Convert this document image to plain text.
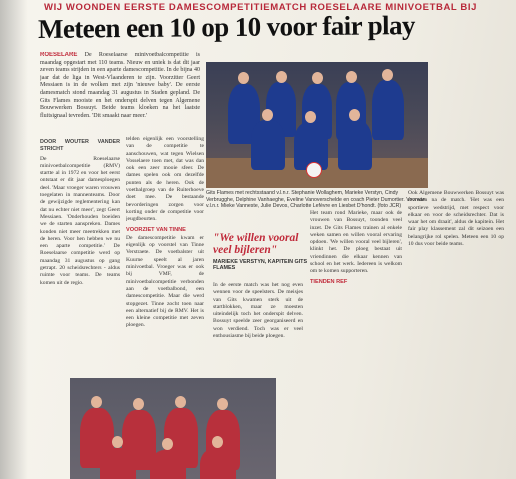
WIJ WOONDEN EERSTE DAMESCOMPETITIEMATCH ROESELAARE MINIVOETBAL BIJ
Meteen een 10 op 10 voor fair play
ROESELARE De Roeselaarse minivoetbalcompetitie is maandag opgestart met 110 teams. Nieuw en uniek is dat dit jaar zeven teams strijden in een aparte damescompetitie. In de bijna 40 jaar dat de liga in West-Vlaanderen te zijn. Voorzitter Geert Messiaen is in de wolken met zijn 'nieuwe baby'. De eerste damesmatch stond maandag 31 augustus in Staden gepland. De Gits Flames mooiste en het onderspit delven tegen Algemene Bouwwerken Bossuyt. Beide teams kloeken na het laatste fluitsignaal tevreden. 'Dit smaakt naar meer.'
DOOR WOUTER VANDER STRICHT

De Roeselaarse minivoetbalcompetitie (RMV) startte al in 1972 en voor het eerst ontstaat er dit jaar damesploegen deel. 'Maar vroeger waren vrouwen toegelaten in mannenteams. Door de gewijzigde reglementering kan dat nu echter niet meer', zegt Geert Messiaen. 'Onderhouden boeiden we de starten aanspreken. Dames konden niet meer meetrekken met de heren. Voor hen hebben we nu een aparte competitie.' De Roeselaarse competitie werd op maandag 31 augustus op gang getrapt. 20 scheidsrechters - aldus ruimte voor teams. De teams komen uit de regio.

telden eigenlijk een voorstelling van de competitie te aanschouwen, wat tegen Wielsen Vosselaere toen met, dat was dan ook een zeer mooie sfeer. De dames spelen ook om dezelfde punten als de heren. Ook de voetbalgroep van de Ruiterhoeve doet mee. De bestaande bevorderingen zorgen voor korting onder de competitie voor jeugdbeurten.

VOORZIET VAN TINNE

De damescompetitie kwam er eigenlijk op voorstel van Tinne Verstraete. De voetbalster uit Kuurne speelt al jaren minivoetbal. Vroeger was er ook bij VMF, de minivoetbalcompetitie verbonden aan de voetbalbond, een damescompetitie. Maar die werd stopgezet. Tinne zocht toen naar een alternatief bij de RMV. Het is een kleine competitie met zeven ploegen.

Gits Flames met rechtsstaand v.l.n.r. Stephanie Wollaghem, Marieke Verstyn, Cindy Verbrugghe, Delphine Vanhaeghe, Eveline Vanoverschelde en coach Pieter Dumortier. Vooraan v.l.n.r. Mieke Vanneste, Julie Devos, Charlotte Lefèvre en Liesbet D'hondt. (foto JCR)
"We willen vooral veel bijleren"
MARIEKE VERSTYN, KAPITEIN GITS FLAMES

In de eerste match was het nog even wennen voor de speelsters. De meisjes van Gits kwamen sterk uit de startblokken, maar ze moesten uiteindelijk toch het onderspit delven. Bossuyt speelde zeer georganiseerd en won verdiend. Toch was er veel enthousiasme bij beide ploegen.

Het team rond Marieke, maar ook de vrouwen van Bossuyt, toonden veel inzet. De Gits Flames trainen al enkele weken samen en willen vooral ervaring opdoen. 'We willen vooral veel bijleren', klinkt het. De ploeg bestaat uit vriendinnen die elkaar kennen van school en het werk. Iedereen is welkom om te komen supporteren.

TIENDEN REF

Ook Algemene Bouwwerken Bossuyt was tevreden na de match. 'Het was een sportieve wedstrijd, met respect voor elkaar en voor de scheidsrechter. Dat is waar het om draait', aldus de kapitein. Het fair play klassement zal dit seizoen een belangrijke rol spelen. Meteen een 10 op 10 dus voor beide teams.
